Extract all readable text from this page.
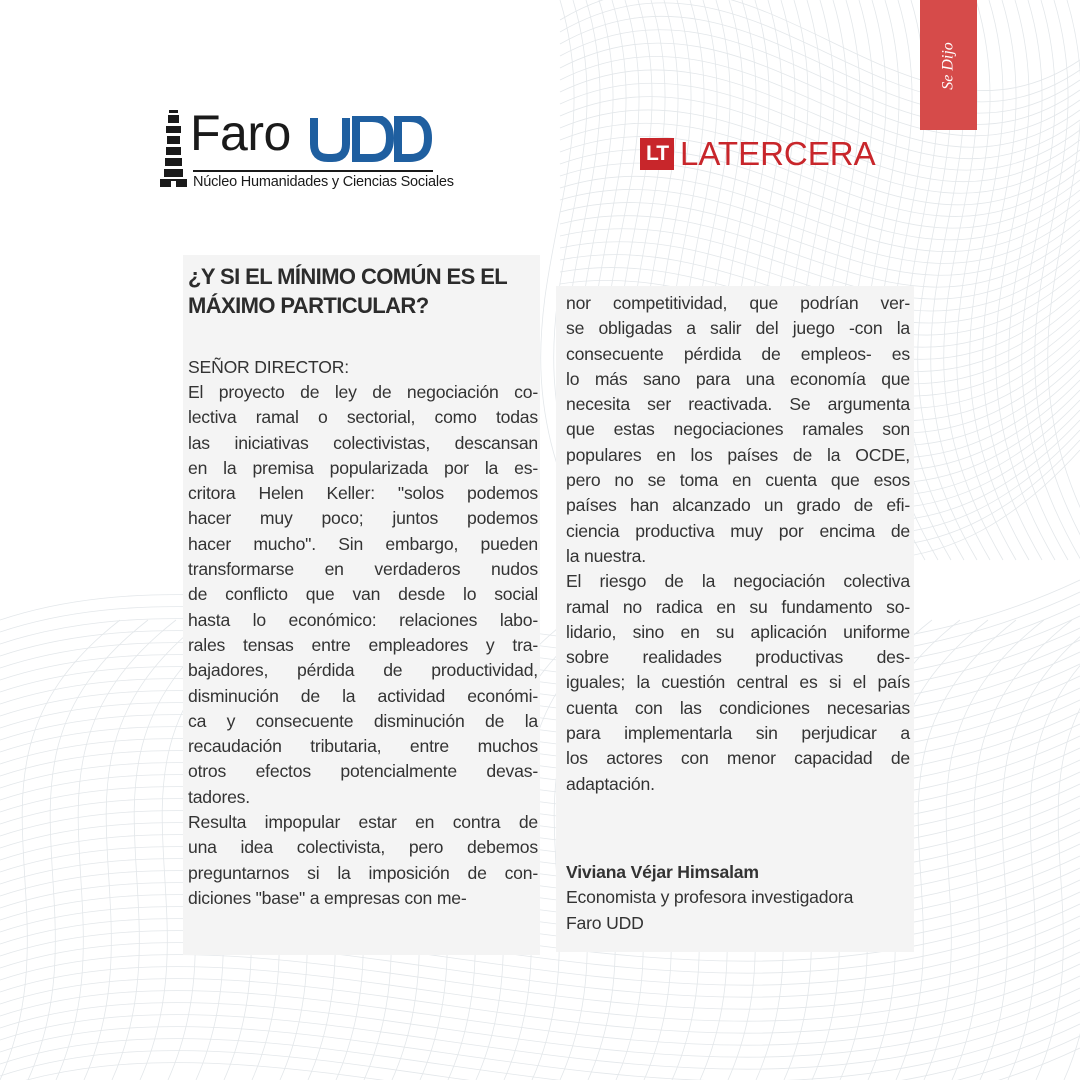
Se Dijo
Faro
Núcleo Humanidades y Ciencias Sociales
LT LATERCERA
¿Y SI EL MÍNIMO COMÚN ES EL
MÁXIMO PARTICULAR?
SEÑOR DIRECTOR:
El proyecto de ley de negociación co-
lectiva ramal o sectorial, como todas
las iniciativas colectivistas, descansan
en la premisa popularizada por la es-
critora Helen Keller: "solos podemos
hacer muy poco; juntos podemos
hacer mucho". Sin embargo, pueden
transformarse en verdaderos nudos
de conflicto que van desde lo social
hasta lo económico: relaciones labo-
rales tensas entre empleadores y tra-
bajadores, pérdida de productividad,
disminución de la actividad económi-
ca y consecuente disminución de la
recaudación tributaria, entre muchos
otros efectos potencialmente devas-
tadores.
Resulta impopular estar en contra de
una idea colectivista, pero debemos
preguntarnos si la imposición de con-
diciones "base" a empresas con me-
nor competitividad, que podrían ver-
se obligadas a salir del juego -con la
consecuente pérdida de empleos- es
lo más sano para una economía que
necesita ser reactivada. Se argumenta
que estas negociaciones ramales son
populares en los países de la OCDE,
pero no se toma en cuenta que esos
países han alcanzado un grado de efi-
ciencia productiva muy por encima de
la nuestra.
El riesgo de la negociación colectiva
ramal no radica en su fundamento so-
lidario, sino en su aplicación uniforme
sobre realidades productivas des-
iguales; la cuestión central es si el país
cuenta con las condiciones necesarias
para implementarla sin perjudicar a
los actores con menor capacidad de
adaptación.
Viviana Véjar Himsalam
Economista y profesora investigadora
Faro UDD
